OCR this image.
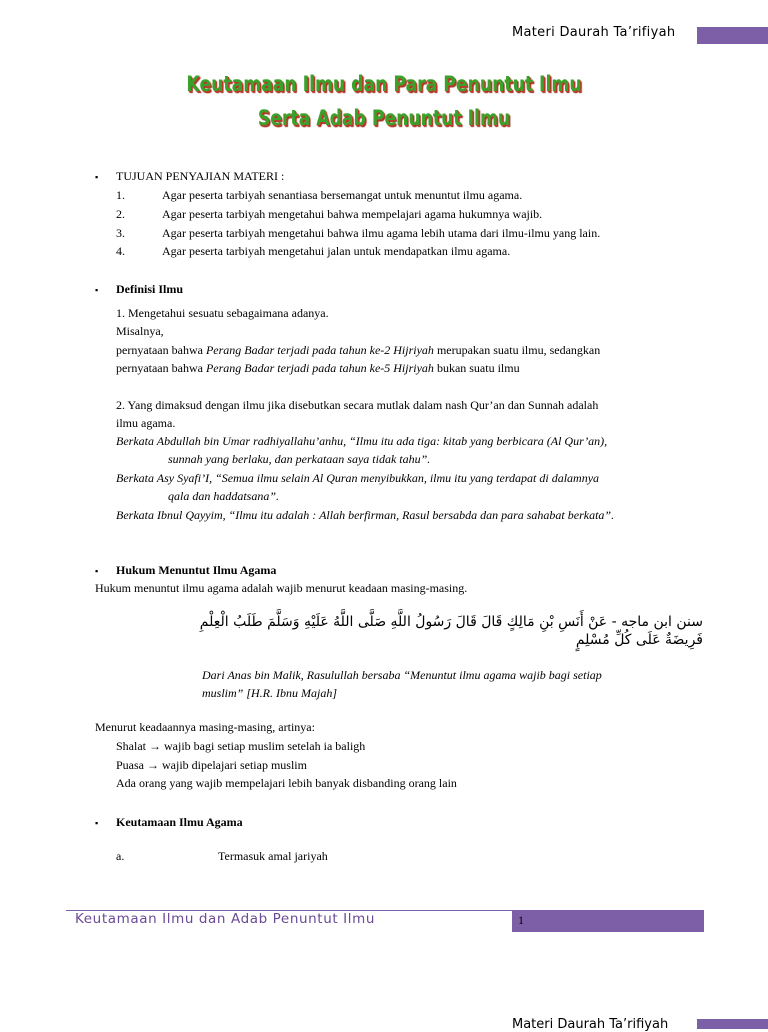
Materi Daurah Ta’rifiyah
Keutamaan Ilmu dan Para Penuntut Ilmu
Serta Adab Penuntut Ilmu
▪ TUJUAN PENYAJIAN MATERI :
1.	Agar peserta tarbiyah senantiasa bersemangat untuk menuntut ilmu agama.
2.	Agar peserta tarbiyah mengetahui bahwa mempelajari agama hukumnya wajib.
3.	Agar peserta tarbiyah mengetahui bahwa ilmu agama lebih utama dari ilmu-ilmu yang lain.
4.	Agar peserta tarbiyah mengetahui jalan untuk mendapatkan ilmu agama.
▪ Definisi Ilmu
1. Mengetahui sesuatu sebagaimana adanya.
Misalnya,
pernyataan bahwa Perang Badar terjadi pada tahun ke-2 Hijriyah merupakan suatu ilmu, sedangkan
pernyataan bahwa Perang Badar terjadi pada tahun ke-5 Hijriyah bukan suatu ilmu
2. Yang dimaksud dengan ilmu jika disebutkan secara mutlak dalam nash Qur’an dan Sunnah adalah
ilmu agama.
Berkata Abdullah bin Umar radhiyallahu’anhu, “Ilmu itu ada tiga: kitab yang berbicara (Al Qur’an),
sunnah yang berlaku, dan perkataan saya tidak tahu”.
Berkata Asy Syafi’I, “Semua ilmu selain Al Quran menyibukkan, ilmu itu yang terdapat di dalamnya
qala dan haddatsana”.
Berkata Ibnul Qayyim, “Ilmu itu adalah : Allah berfirman, Rasul bersabda dan para sahabat berkata”.
▪ Hukum Menuntut Ilmu Agama
Hukum menuntut ilmu agama adalah wajib menurut keadaan masing-masing.
سنن ابن ماجه - عَنْ أَنَسِ بْنِ مَالِكٍ قَالَ قَالَ رَسُولُ اللَّهِ صَلَّى اللَّهُ عَلَيْهِ وَسَلَّمَ طَلَبُ الْعِلْمِ
فَرِيضَةٌ عَلَى كُلِّ مُسْلِمٍ
Dari Anas bin Malik, Rasulullah bersaba “Menuntut ilmu agama wajib bagi setiap
muslim” [H.R. Ibnu Majah]
Menurut keadaannya masing-masing, artinya:
Shalat → wajib bagi setiap muslim setelah ia baligh
Puasa → wajib dipelajari setiap muslim
Ada orang yang wajib mempelajari lebih banyak disbanding orang lain
▪ Keutamaan Ilmu Agama
a.	Termasuk amal jariyah
Keutamaan Ilmu dan Adab Penuntut Ilmu	1
Materi Daurah Ta’rifiyah
